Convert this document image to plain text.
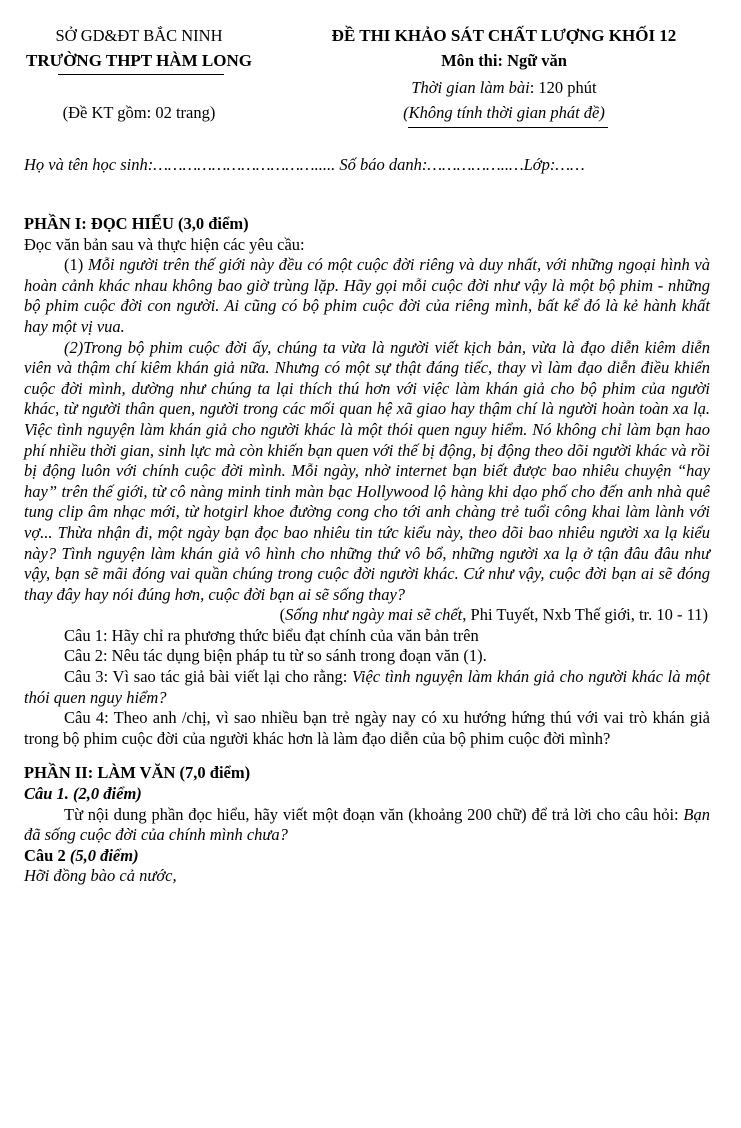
SỞ GD&ĐT BẮC NINH
TRƯỜNG THPT HÀM LONG
(Đề KT gồm: 02 trang)
ĐỀ THI KHẢO SÁT CHẤT LƯỢNG KHỐI 12
Môn thi: Ngữ văn
Thời gian làm bài: 120 phút
(Không tính thời gian phát đề)
Họ và tên học sinh:……………………………..... Số báo danh:……………..…Lớp:……

PHẦN I: ĐỌC HIỂU (3,0 điểm)

Đọc văn bản sau và thực hiện các yêu cầu:

(1) Mỗi người trên thế giới này đều có một cuộc đời riêng và duy nhất, với những ngoại hình và hoàn cảnh khác nhau không bao giờ trùng lặp. Hãy gọi mỗi cuộc đời như vậy là một bộ phim - những bộ phim cuộc đời con người. Ai cũng có bộ phim cuộc đời của riêng mình, bất kể đó là kẻ hành khất hay một vị vua.

(2)Trong bộ phim cuộc đời ấy, chúng ta vừa là người viết kịch bản, vừa là đạo diễn kiêm diễn viên và thậm chí kiêm khán giả nữa. Nhưng có một sự thật đáng tiếc, thay vì làm đạo diễn điều khiển cuộc đời mình, dường như chúng ta lại thích thú hơn với việc làm khán giả cho bộ phim của người khác, từ người thân quen, người trong các mối quan hệ xã giao hay thậm chí là người hoàn toàn xa lạ. Việc tình nguyện làm khán giả cho người khác là một thói quen nguy hiểm. Nó không chỉ làm bạn hao phí nhiều thời gian, sinh lực mà còn khiến bạn quen với thế bị động, bị động theo dõi người khác và rồi bị động luôn với chính cuộc đời mình. Mỗi ngày, nhờ internet bạn biết được bao nhiêu chuyện “hay hay” trên thế giới, từ cô nàng minh tinh màn bạc Hollywood lộ hàng khi dạo phố cho đến anh nhà quê tung clip âm nhạc mới, từ hotgirl khoe đường cong cho tới anh chàng trẻ tuổi công khai làm lành với vợ... Thừa nhận đi, một ngày bạn đọc bao nhiêu tin tức kiểu này, theo dõi bao nhiêu người xa lạ kiểu này? Tình nguyện làm khán giả vô hình cho những thứ vô bổ, những người xa lạ ở tận đâu đâu như vậy, bạn sẽ mãi đóng vai quần chúng trong cuộc đời người khác. Cứ như vậy, cuộc đời bạn ai sẽ đóng thay đây hay nói đúng hơn, cuộc đời bạn ai sẽ sống thay?

(Sống như ngày mai sẽ chết, Phi Tuyết, Nxb Thế giới, tr. 10 - 11)

Câu 1: Hãy chỉ ra phương thức biểu đạt chính của văn bản trên

Câu 2: Nêu tác dụng biện pháp tu từ so sánh trong đoạn văn (1).

Câu 3: Vì sao tác giả bài viết lại cho rằng: Việc tình nguyện làm khán giả cho người khác là một thói quen nguy hiểm?

Câu 4: Theo anh /chị, vì sao nhiều bạn trẻ ngày nay có xu hướng hứng thú với vai trò khán giả trong bộ phim cuộc đời của người khác hơn là làm đạo diễn của bộ phim cuộc đời mình?

PHẦN II: LÀM VĂN (7,0 điểm)

Câu 1. (2,0 điểm)

Từ nội dung phần đọc hiểu, hãy viết một đoạn văn (khoảng 200 chữ) để trả lời cho câu hỏi: Bạn đã sống cuộc đời của chính mình chưa?

Câu 2 (5,0 điểm)

Hỡi đồng bào cả nước,
